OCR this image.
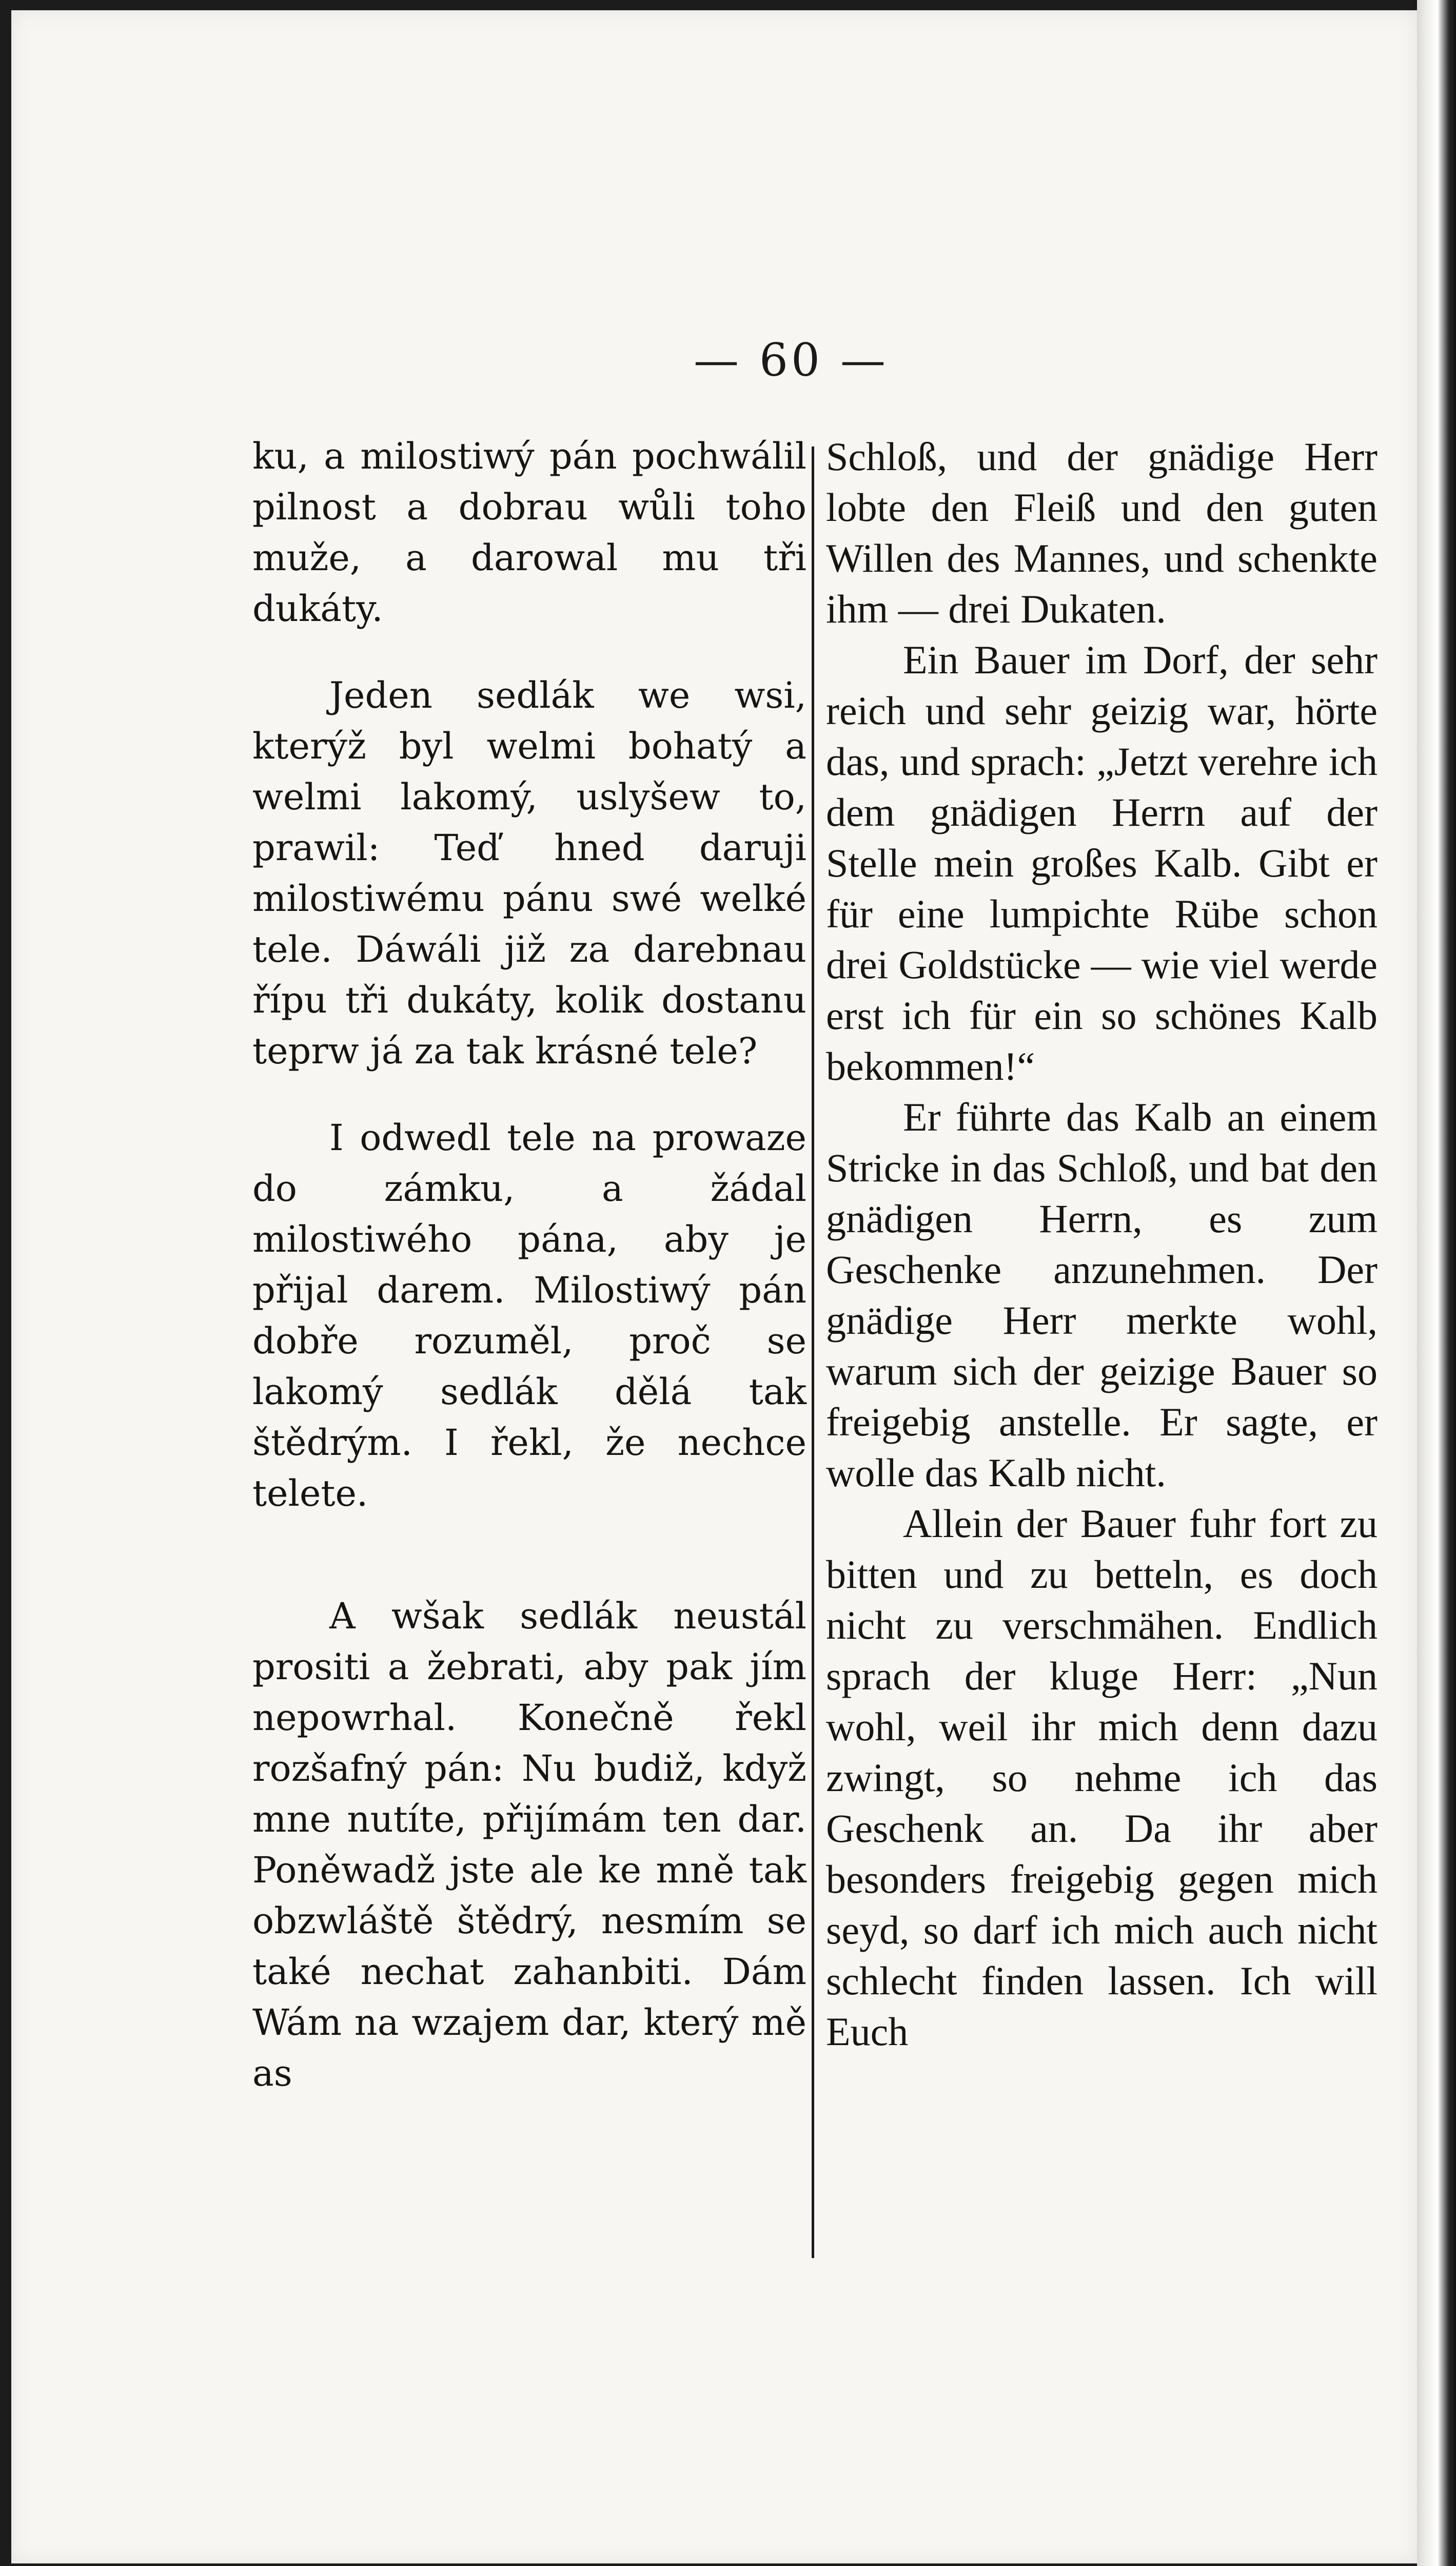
— 60 —

ku, a milostiwý pán pochwálil pilnost a dobrau wůli toho muže, a darowal mu tři dukáty.

Jeden sedlák we wsi, kterýž byl welmi bohatý a welmi lakomý, uslyšew to, prawil: Teď hned daruji milostiwému pánu swé welké tele. Dáwáli již za darebnau řípu tři dukáty, kolik dostanu teprw já za tak krásné tele?

I odwedl tele na prowaze do zámku, a žádal milostiwého pána, aby je přijal darem. Milostiwý pán dobře rozuměl, proč se lakomý sedlák dělá tak štědrým. I řekl, že nechce telete.

A wšak sedlák neustál prositi a žebrati, aby pak jím nepowrhal. Konečně řekl rozšafný pán: Nu budiž, když mne nutíte, přijímám ten dar. Poněwadž jste ale ke mně tak obzwláště štědrý, nesmím se také nechat zahanbiti. Dám Wám na wzajem dar, který mě as

Schloß, und der gnädige Herr lobte den Fleiß und den guten Willen des Mannes, und schenkte ihm — drei Dukaten.

Ein Bauer im Dorf, der sehr reich und sehr geizig war, hörte das, und sprach: „Jetzt verehre ich dem gnädigen Herrn auf der Stelle mein großes Kalb. Gibt er für eine lumpichte Rübe schon drei Goldstücke — wie viel werde erst ich für ein so schönes Kalb bekommen!“

Er führte das Kalb an einem Stricke in das Schloß, und bat den gnädigen Herrn, es zum Geschenke anzunehmen. Der gnädige Herr merkte wohl, warum sich der geizige Bauer so freigebig anstelle. Er sagte, er wolle das Kalb nicht.

Allein der Bauer fuhr fort zu bitten und zu betteln, es doch nicht zu verschmähen. Endlich sprach der kluge Herr: „Nun wohl, weil ihr mich denn dazu zwingt, so nehme ich das Geschenk an. Da ihr aber besonders freigebig gegen mich seyd, so darf ich mich auch nicht schlecht finden lassen. Ich will Euch
